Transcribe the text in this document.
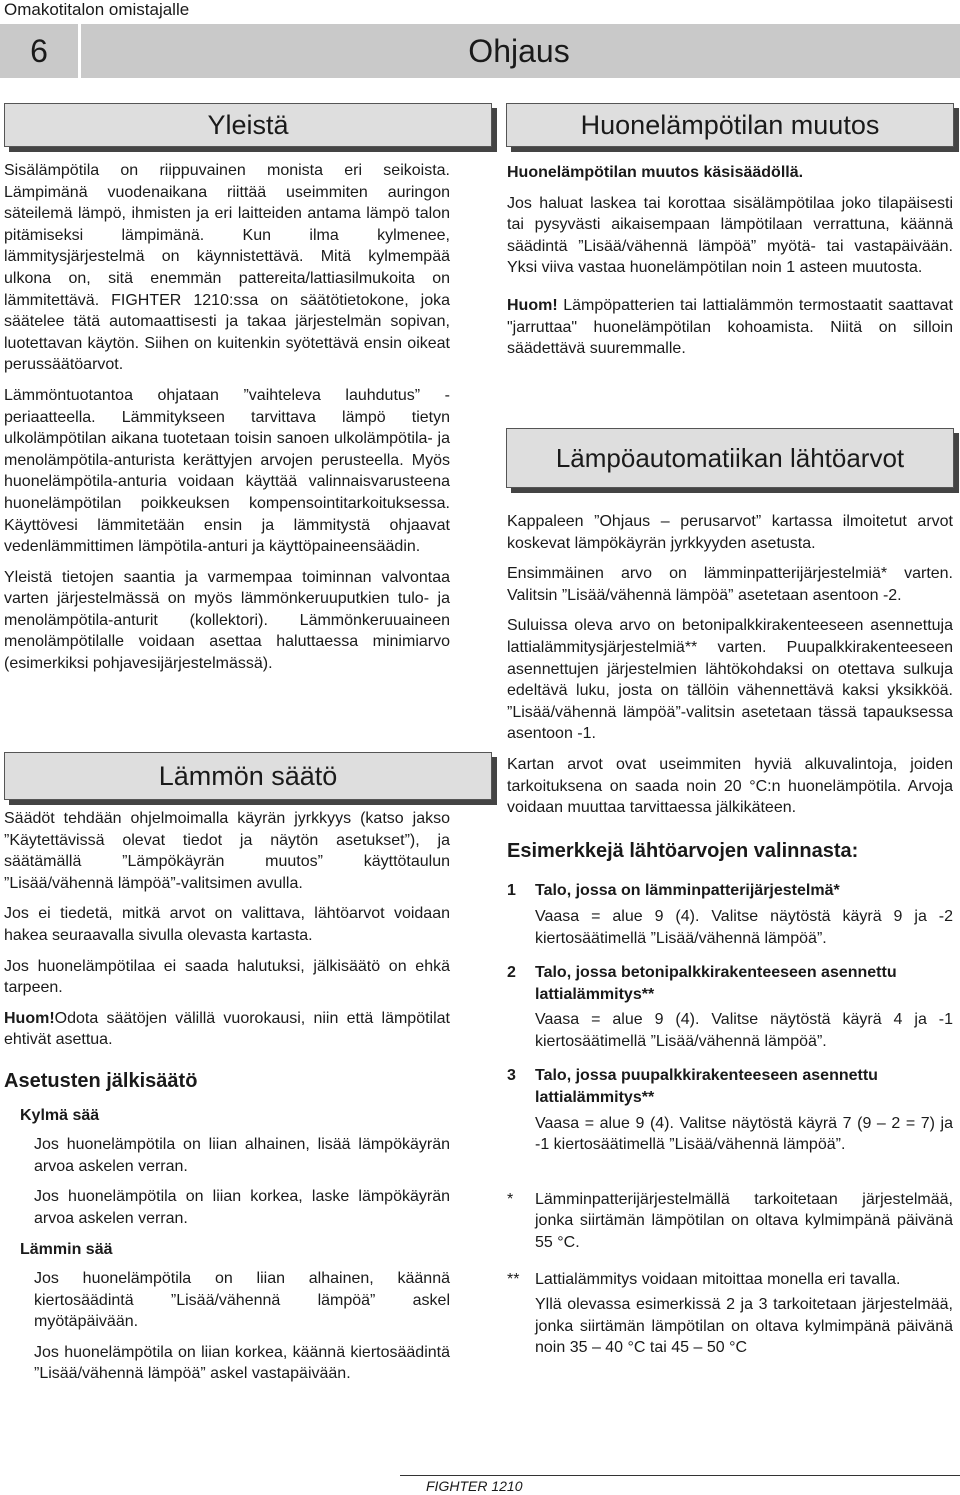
Omakotitalon omistajalle
6	Ohjaus
Yleistä

Sisälämpötila on riippuvainen monista eri seikoista. Lämpimänä vuodenaikana riittää useimmiten auringon säteilemä lämpö, ihmisten ja eri laitteiden antama lämpö talon pitämiseksi lämpimänä. Kun ilma kylmenee, lämmitysjärjestelmä on käynnistettävä. Mitä kylmempää ulkona on, sitä enemmän pattereita/lattiasilmukoita on lämmitettävä. FIGHTER 1210:ssa on säätötietokone, joka säätelee tätä automaattisesti ja takaa järjestelmän sopivan, luotettavan käytön. Siihen on kuitenkin syötettävä ensin oikeat perussäätöarvot.

Lämmöntuotantoa ohjataan ”vaihteleva lauhdutus” - periaatteella. Lämmitykseen tarvittava lämpö tietyn ulkolämpötilan aikana tuotetaan toisin sanoen ulkolämpötila- ja menolämpötila-anturista kerättyjen arvojen perusteella. Myös huonelämpötila-anturia voidaan käyttää valinnaisvarusteena huonelämpötilan poikkeuksen kompensointitarkoituksessa. Käyttövesi lämmitetään ensin ja lämmitystä ohjaavat vedenlämmittimen lämpötila-anturi ja käyttöpaineensäädin.

Yleistä tietojen saantia ja varmempaa toiminnan valvontaa varten järjestelmässä on myös lämmönkeruuputkien tulo- ja menolämpötila-anturit (kollektori). Lämmönkeruuaineen menolämpötilalle voidaan asettaa haluttaessa minimiarvo (esimerkiksi pohjavesijärjestelmässä).

Lämmön säätö

Säädöt tehdään ohjelmoimalla käyrän jyrkkyys (katso jakso ”Käytettävissä olevat tiedot ja näytön asetukset”), ja säätämällä ”Lämpökäyrän muutos” käyttötaulun ”Lisää/vähennä lämpöä”-valitsimen avulla.

Jos ei tiedetä, mitkä arvot on valittava, lähtöarvot voidaan hakea seuraavalla sivulla olevasta kartasta.

Jos huonelämpötilaa ei saada halutuksi, jälkisäätö on ehkä tarpeen.

Huom!Odota säätöjen välillä vuorokausi, niin että lämpötilat ehtivät asettua.

Asetusten jälkisäätö
Kylmä sää

Jos huonelämpötila on liian alhainen, lisää lämpökäyrän arvoa askelen verran.

Jos huonelämpötila on liian korkea, laske lämpökäyrän arvoa askelen verran.

Lämmin sää

Jos huonelämpötila on liian alhainen, käännä kiertosäädintä ”Lisää/vähennä lämpöä” askel myötäpäivään.

Jos huonelämpötila on liian korkea, käännä kiertosäädintä ”Lisää/vähennä lämpöä” askel vastapäivään.

Huonelämpötilan muutos

Huonelämpötilan muutos käsisäädöllä.

Jos haluat laskea tai korottaa sisälämpötilaa joko tilapäisesti tai pysyvästi aikaisempaan lämpötilaan verrattuna, käännä säädintä ”Lisää/vähennä lämpöä” myötä- tai vastapäivään. Yksi viiva vastaa huonelämpötilan noin 1 asteen muutosta.

Huom! Lämpöpatterien tai lattialämmön termostaatit saattavat "jarruttaa" huonelämpötilan kohoamista. Niitä on silloin säädettävä suuremmalle.

Lämpöautomatiikan lähtöarvot

Kappaleen ”Ohjaus – perusarvot” kartassa ilmoitetut arvot koskevat lämpökäyrän jyrkkyyden asetusta.

Ensimmäinen arvo on lämminpatterijärjestelmiä* varten. Valitsin ”Lisää/vähennä lämpöä” asetetaan asentoon -2.

Suluissa oleva arvo on betonipalkkirakenteeseen asennettuja lattialämmitysjärjestelmiä** varten. Puupalkkirakenteeseen asennettujen järjestelmien lähtökohdaksi on otettava sulkuja edeltävä luku, josta on tällöin vähennettävä kaksi yksikköä. ”Lisää/vähennä lämpöä”-valitsin asetetaan tässä tapauksessa asentoon -1.

Kartan arvot ovat useimmiten hyviä alkuvalintoja, joiden tarkoituksena on saada noin 20 °C:n huonelämpötila. Arvoja voidaan muuttaa tarvittaessa jälkikäteen.

Esimerkkejä lähtöarvojen valinnasta:
1	Talo, jossa on lämminpatterijärjestelmä*

Vaasa = alue 9 (4). Valitse näytöstä käyrä 9 ja -2 kiertosäätimellä ”Lisää/vähennä lämpöä”.

2	Talo, jossa betonipalkkirakenteeseen asennettu lattialämmitys**

Vaasa = alue 9 (4). Valitse näytöstä käyrä 4 ja -1 kiertosäätimellä ”Lisää/vähennä lämpöä”.

3	Talo, jossa puupalkkirakenteeseen asennettu lattialämmitys**

Vaasa = alue 9 (4). Valitse näytöstä käyrä 7 (9 – 2 = 7) ja -1 kiertosäätimellä ”Lisää/vähennä lämpöä”.

*	Lämminpatterijärjestelmällä tarkoitetaan järjestelmää, jonka siirtämän lämpötilan on oltava kylmimpänä päivänä 55 °C.

** Lattialämmitys voidaan mitoittaa monella eri tavalla.

Yllä olevassa esimerkissä 2 ja 3 tarkoitetaan järjestelmää, jonka siirtämän lämpötilan on oltava kylmimpänä päivänä noin 35 – 40 °C tai 45 – 50 °C

FIGHTER 1210
